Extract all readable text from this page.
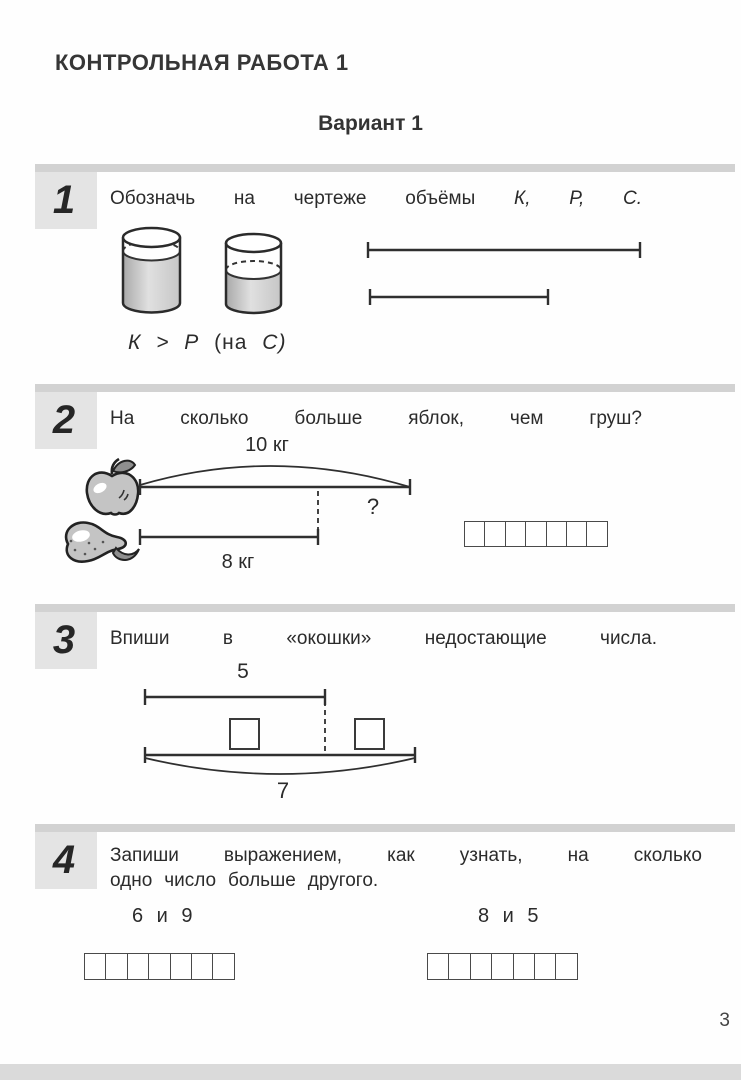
КОНТРОЛЬНАЯ РАБОТА 1
Вариант 1
1 Обозначь на чертеже объёмы К, Р, С.
К > Р (на С)
2 На сколько больше яблок, чем груш?
10 кг
?
8 кг
3 Впиши в «окошки» недостающие числа.
5
7
4 Запиши выражением, как узнать, на сколько
одно число больше другого.
6 и 9	8 и 5
3
